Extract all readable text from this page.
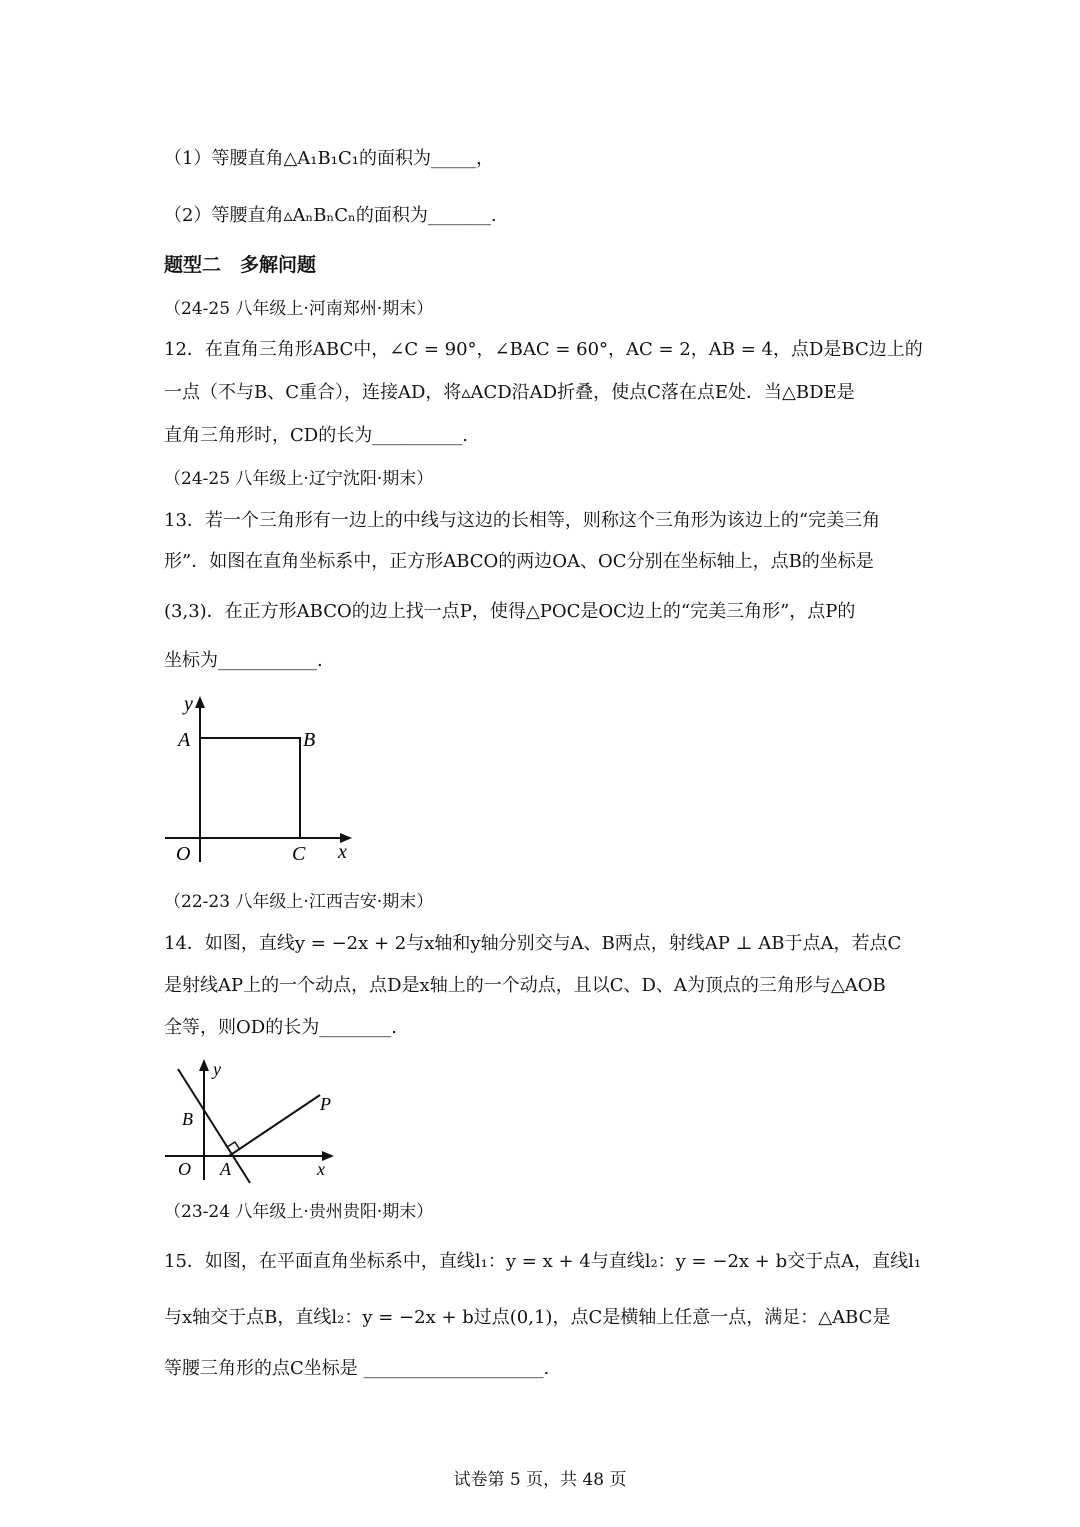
（1）等腰直角△A₁B₁C₁的面积为_____，
（2）等腰直角▵AₙBₙCₙ的面积为_______.
题型二　多解问题
（24-25 八年级上·河南郑州·期末）
12．在直角三角形ABC中，∠C = 90°，∠BAC = 60°，AC = 2，AB = 4，点D是BC边上的
一点（不与B、C重合），连接AD，将▵ACD沿AD折叠，使点C落在点E处．当△BDE是
直角三角形时，CD的长为__________.
（24-25 八年级上·辽宁沈阳·期末）
13．若一个三角形有一边上的中线与这边的长相等，则称这个三角形为该边上的“完美三角
形”．如图在直角坐标系中，正方形ABCO的两边OA、OC分别在坐标轴上，点B的坐标是
(3,3)．在正方形ABCO的边上找一点P，使得△POC是OC边上的“完美三角形”，点P的
坐标为___________.
y
A	B
O	C x
（22-23 八年级上·江西吉安·期末）
14．如图，直线y = −2x + 2与x轴和y轴分别交与A、B两点，射线AP ⊥ AB于点A，若点C
是射线AP上的一个动点，点D是x轴上的一个动点，且以C、D、A为顶点的三角形与△AOB
全等，则OD的长为________.
y
B
P
O A	x
（23-24 八年级上·贵州贵阳·期末）
15．如图，在平面直角坐标系中，直线l₁：y = x + 4与直线l₂：y = −2x + b交于点A，直线l₁
与x轴交于点B，直线l₂：y = −2x + b过点(0,1)，点C是横轴上任意一点，满足：△ABC是
等腰三角形的点C坐标是 ____________________.
试卷第 5 页，共 48 页
